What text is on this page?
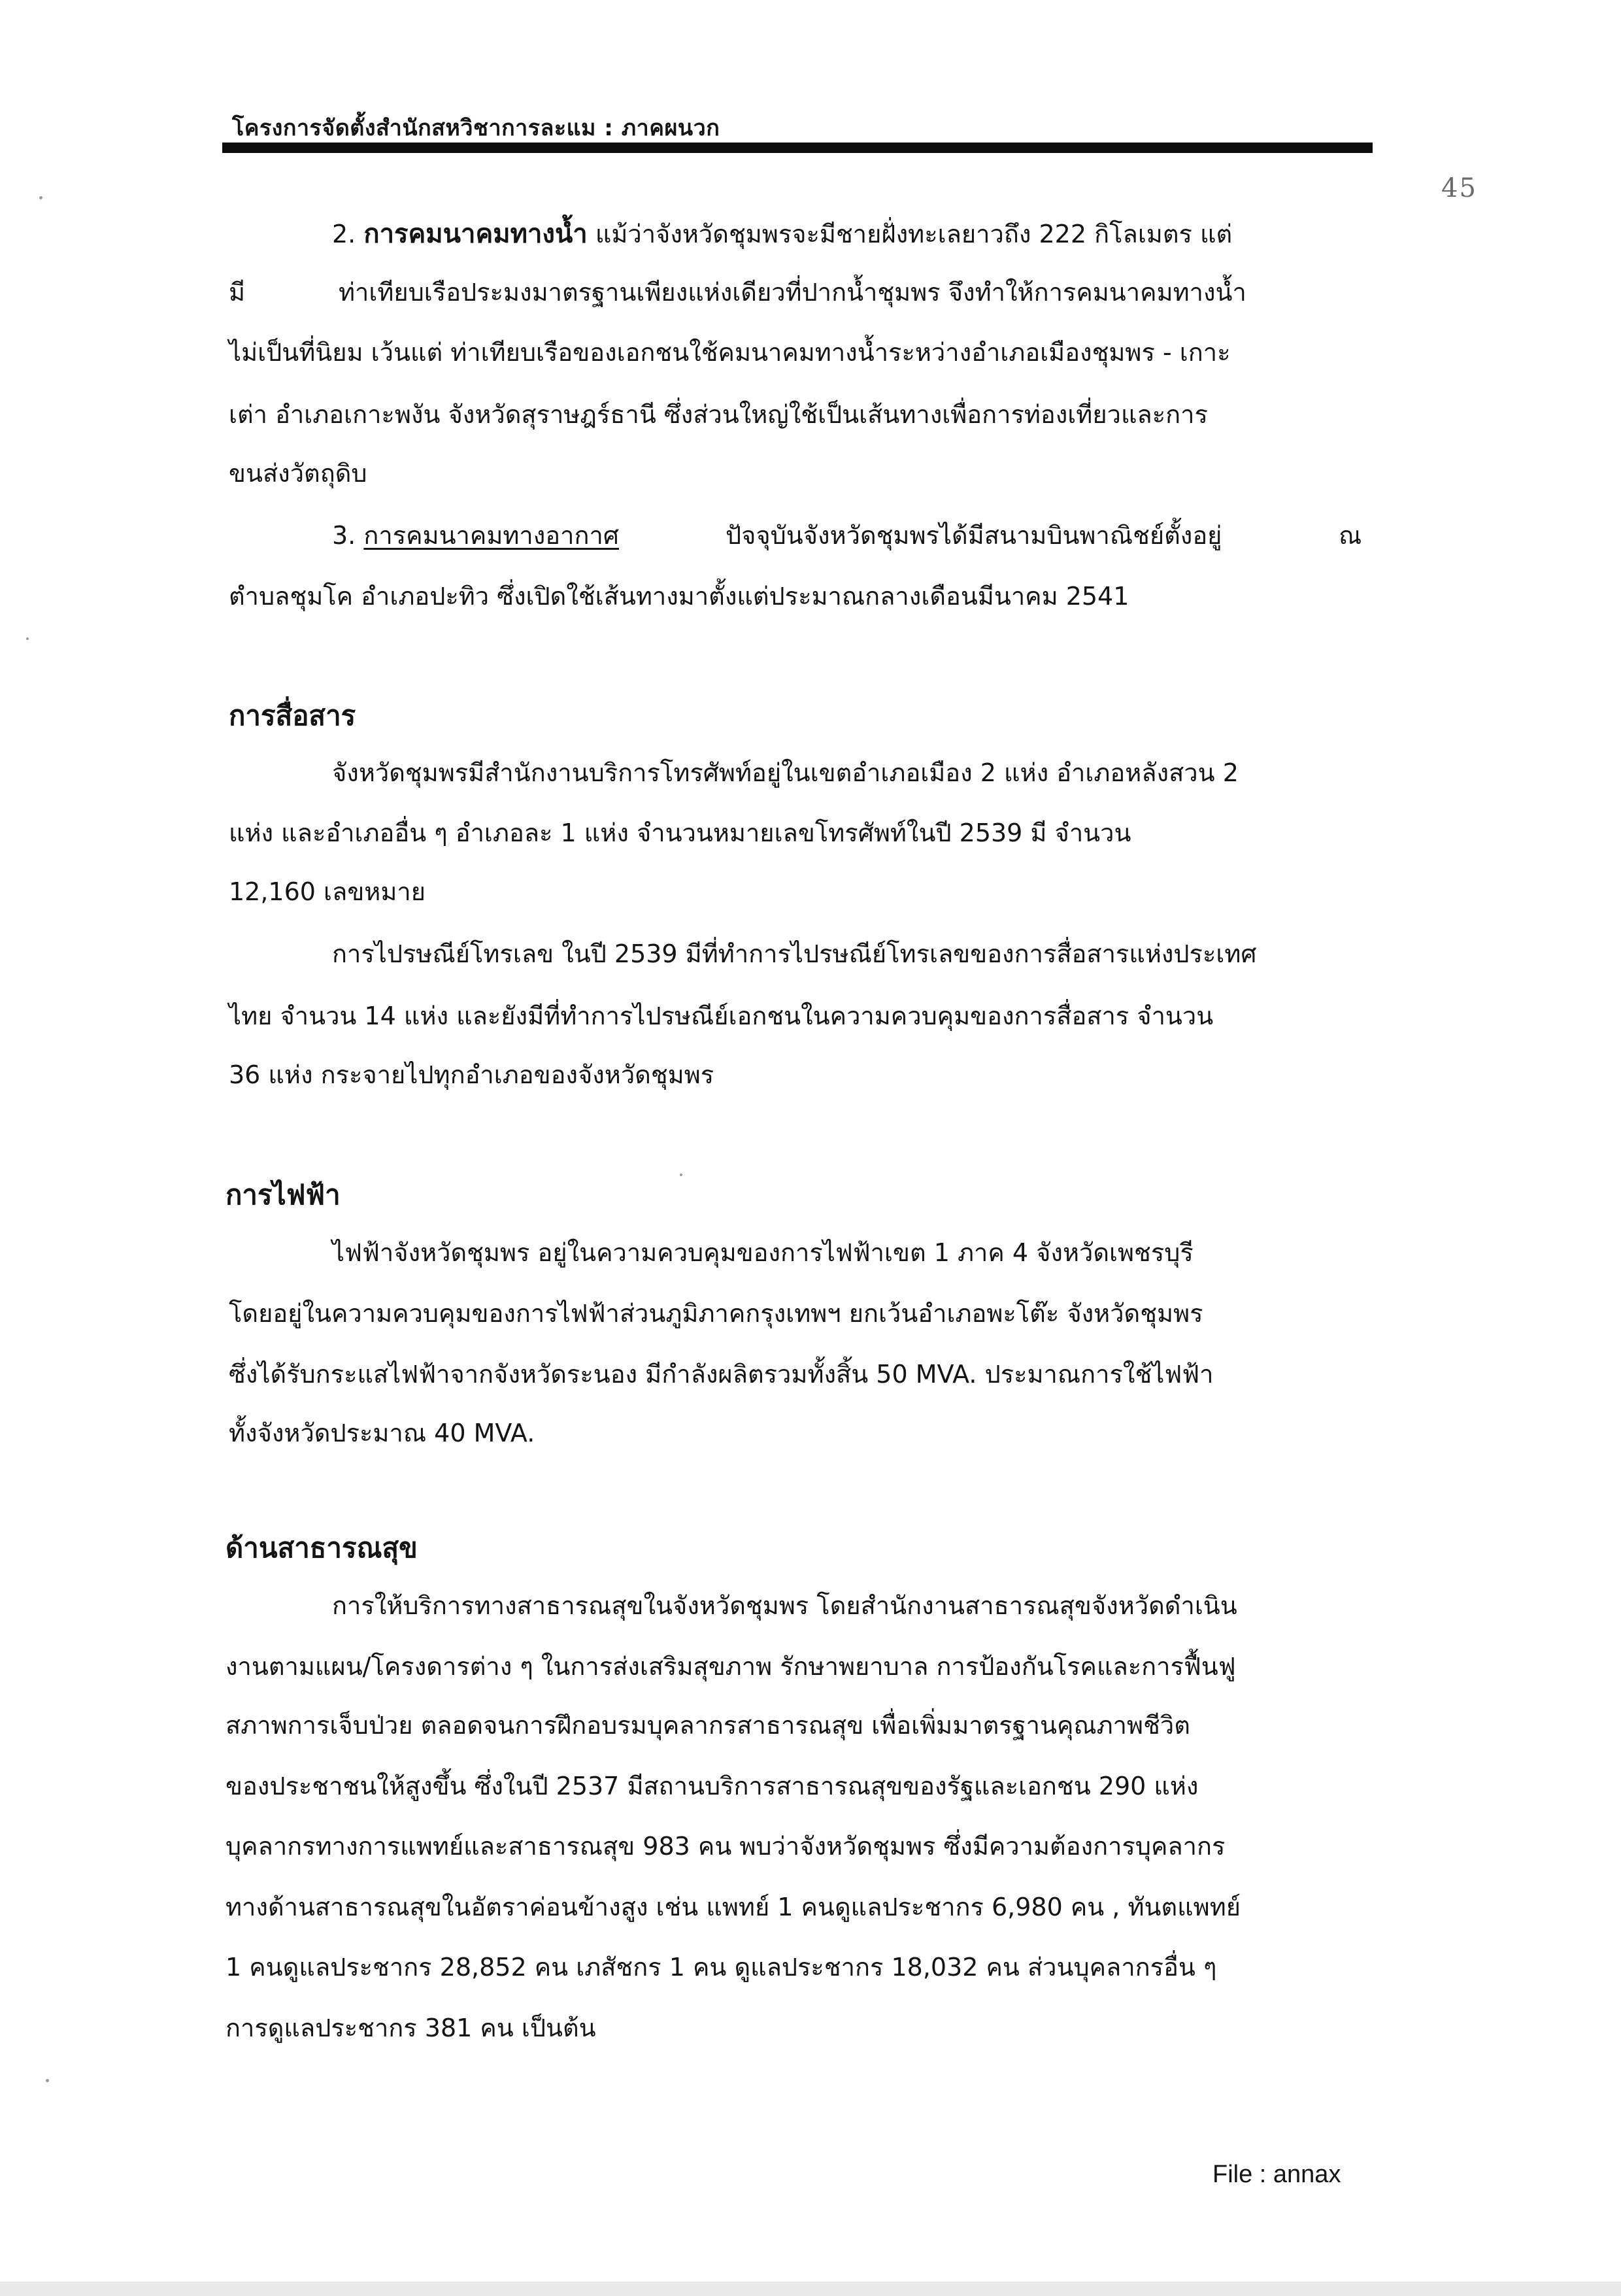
โครงการจัดตั้งสำนักสหวิชาการละแม : ภาคผนวก
45
2. การคมนาคมทางน้ำ แม้ว่าจังหวัดชุมพรจะมีชายฝั่งทะเลยาวถึง 222 กิโลเมตร แต่
มี	ท่าเทียบเรือประมงมาตรฐานเพียงแห่งเดียวที่ปากน้ำชุมพร จึงทำให้การคมนาคมทางน้ำ
ไม่เป็นที่นิยม เว้นแต่ ท่าเทียบเรือของเอกชนใช้คมนาคมทางน้ำระหว่างอำเภอเมืองชุมพร - เกาะ
เต่า อำเภอเกาะพงัน จังหวัดสุราษฎร์ธานี ซึ่งส่วนใหญ่ใช้เป็นเส้นทางเพื่อการท่องเที่ยวและการ
ขนส่งวัตถุดิบ
3. การคมนาคมทางอากาศ	ปัจจุบันจังหวัดชุมพรได้มีสนามบินพาณิชย์ตั้งอยู่	ณ
ตำบลชุมโค อำเภอปะทิว ซึ่งเปิดใช้เส้นทางมาตั้งแต่ประมาณกลางเดือนมีนาคม 2541
การสื่อสาร
จังหวัดชุมพรมีสำนักงานบริการโทรศัพท์อยู่ในเขตอำเภอเมือง 2 แห่ง อำเภอหลังสวน 2
แห่ง และอำเภออื่น ๆ อำเภอละ 1 แห่ง จำนวนหมายเลขโทรศัพท์ในปี 2539 มี จำนวน
12,160 เลขหมาย
การไปรษณีย์โทรเลข ในปี 2539 มีที่ทำการไปรษณีย์โทรเลขของการสื่อสารแห่งประเทศ
ไทย จำนวน 14 แห่ง และยังมีที่ทำการไปรษณีย์เอกชนในความควบคุมของการสื่อสาร จำนวน
36 แห่ง กระจายไปทุกอำเภอของจังหวัดชุมพร
การไฟฟ้า
ไฟฟ้าจังหวัดชุมพร อยู่ในความควบคุมของการไฟฟ้าเขต 1 ภาค 4 จังหวัดเพชรบุรี
โดยอยู่ในความควบคุมของการไฟฟ้าส่วนภูมิภาคกรุงเทพฯ ยกเว้นอำเภอพะโต๊ะ จังหวัดชุมพร
ซึ่งได้รับกระแสไฟฟ้าจากจังหวัดระนอง มีกำลังผลิตรวมทั้งสิ้น 50 MVA. ประมาณการใช้ไฟฟ้า
ทั้งจังหวัดประมาณ 40 MVA.
ด้านสาธารณสุข
การให้บริการทางสาธารณสุขในจังหวัดชุมพร โดยสำนักงานสาธารณสุขจังหวัดดำเนิน
งานตามแผน/โครงดารต่าง ๆ ในการส่งเสริมสุขภาพ รักษาพยาบาล การป้องกันโรคและการฟื้นฟู
สภาพการเจ็บป่วย ตลอดจนการฝึกอบรมบุคลากรสาธารณสุข เพื่อเพิ่มมาตรฐานคุณภาพชีวิต
ของประชาชนให้สูงขึ้น ซึ่งในปี 2537 มีสถานบริการสาธารณสุขของรัฐและเอกชน 290 แห่ง
บุคลากรทางการแพทย์และสาธารณสุข 983 คน พบว่าจังหวัดชุมพร ซึ่งมีความต้องการบุคลากร
ทางด้านสาธารณสุขในอัตราค่อนข้างสูง เช่น แพทย์ 1 คนดูแลประชากร 6,980 คน , ทันตแพทย์
1 คนดูแลประชากร 28,852 คน เภสัชกร 1 คน ดูแลประชากร 18,032 คน ส่วนบุคลากรอื่น ๆ
การดูแลประชากร 381 คน เป็นต้น
File : annax
